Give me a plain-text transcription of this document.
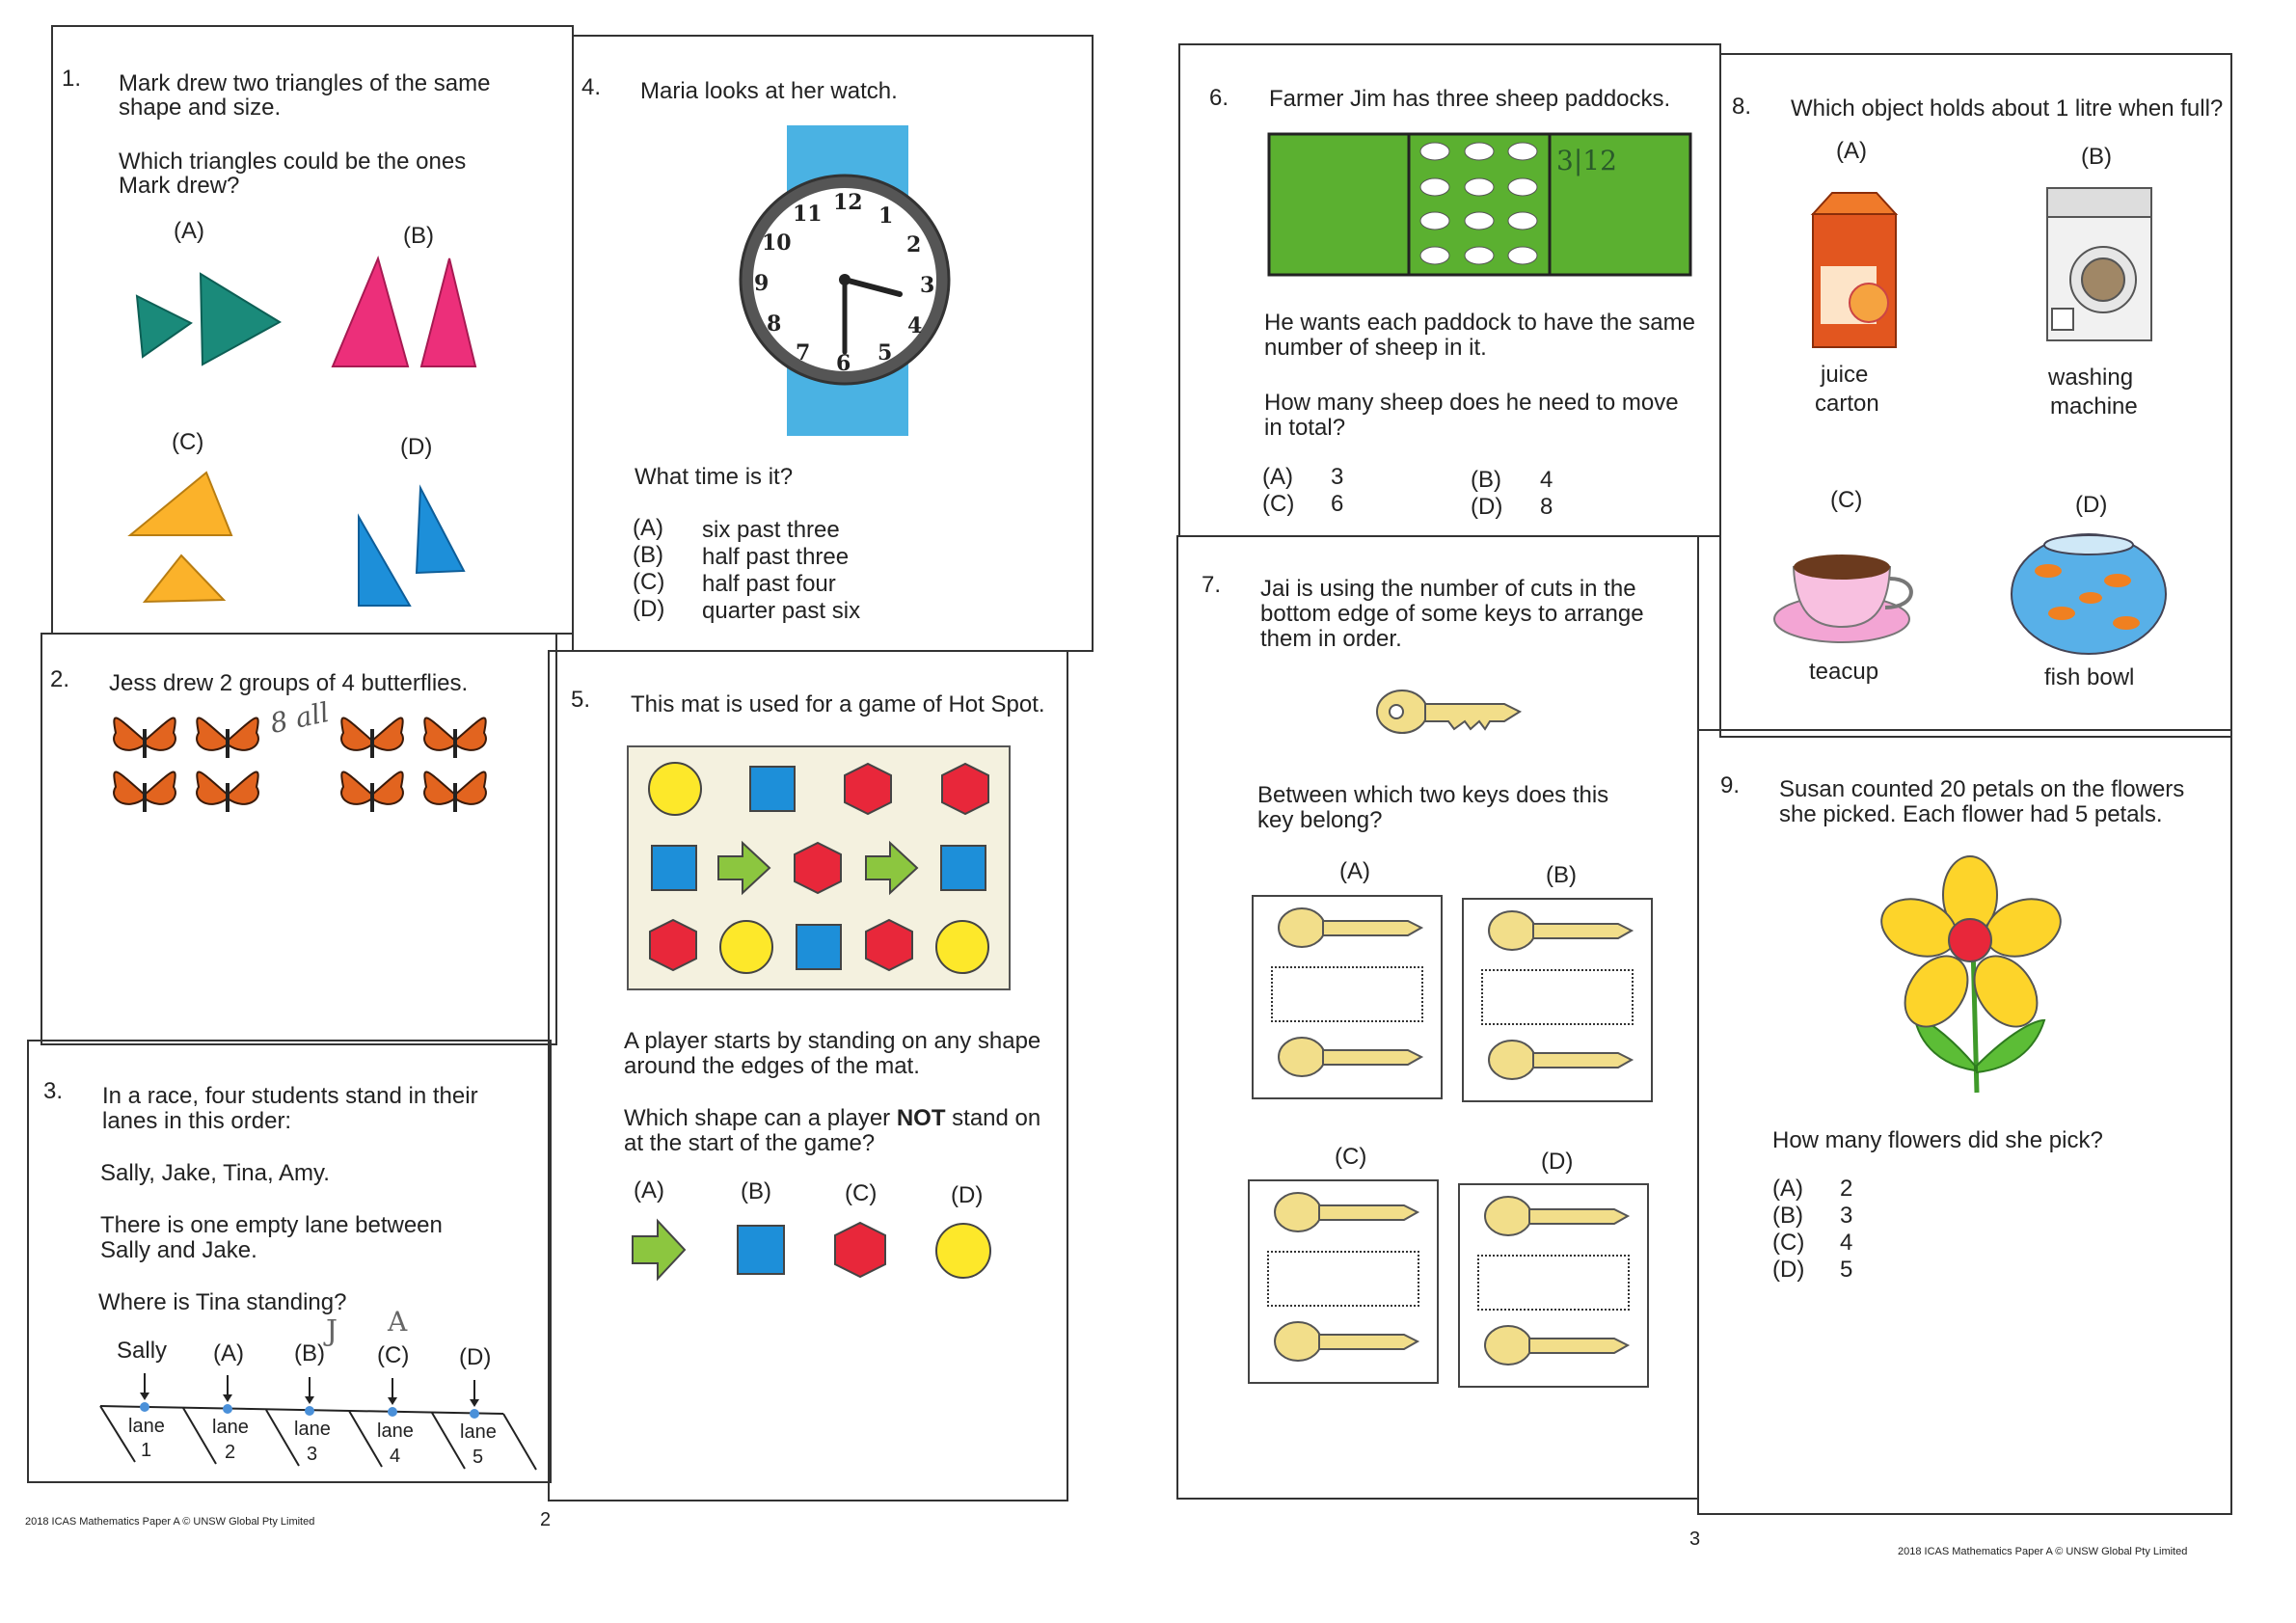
1. Mark drew two triangles of the same
shape and size.
Which triangles could be the ones
Mark drew?
(A)	(B)
(C)	(D)
2. Jess drew 2 groups of 4 butterflies.
8 all
3. In a race, four students stand in their
lanes in this order:
Sally, Jake, Tina, Amy.
There is one empty lane between
Sally and Jake.
Where is Tina standing?
J A
Sally (A) (B) (C) (D)
lane
1
lane
2
lane
3
lane
4
lane
5
4. Maria looks at her watch.
12
1
2
3
4
5
6
7
8
9
10
11
What time is it?
(A) six past three
(B) half past three
(C) half past four
(D) quarter past six
5. This mat is used for a game of Hot Spot.
A player starts by standing on any shape
around the edges of the mat.
Which shape can a player NOT stand on
at the start of the game?
(A)	(B)	(C)	(D)
2018 ICAS Mathematics Paper A © UNSW Global Pty Limited	2
6. Farmer Jim has three sheep paddocks.
3|12
He wants each paddock to have the same
number of sheep in it.
How many sheep does he need to move
in total?
(A) 3	(B) 4
(C) 6	(D) 8
7. Jai is using the number of cuts in the
bottom edge of some keys to arrange
them in order.
Between which two keys does this
key belong?
(A)	(B)
(C)	(D)
8. Which object holds about 1 litre when full?
(A)	(B)
(C)	(D)
juice
carton
washing
machine
teacup	fish bowl
9. Susan counted 20 petals on the flowers
she picked. Each flower had 5 petals.
How many flowers did she pick?
(A) 2
(B) 3
(C) 4
(D) 5
3
2018 ICAS Mathematics Paper A © UNSW Global Pty Limited
